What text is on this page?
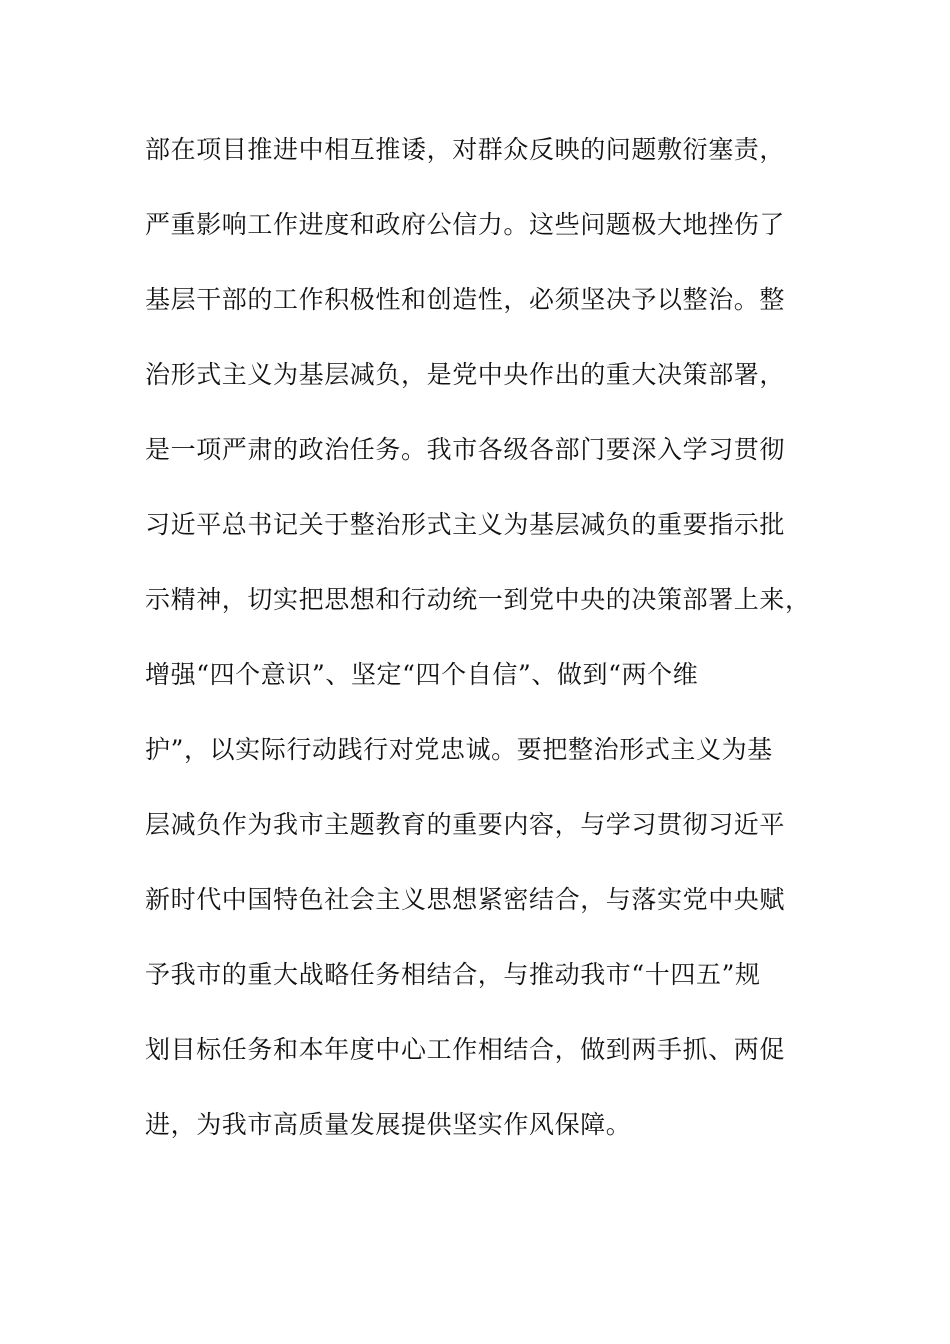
部在项目推进中相互推诿，对群众反映的问题敷衍塞责，
严重影响工作进度和政府公信力。这些问题极大地挫伤了
基层干部的工作积极性和创造性，必须坚决予以整治。整
治形式主义为基层减负，是党中央作出的重大决策部署，
是一项严肃的政治任务。我市各级各部门要深入学习贯彻
习近平总书记关于整治形式主义为基层减负的重要指示批
示精神，切实把思想和行动统一到党中央的决策部署上来，
增强“四个意识”、坚定“四个自信”、做到“两个维
护”，以实际行动践行对党忠诚。要把整治形式主义为基
层减负作为我市主题教育的重要内容，与学习贯彻习近平
新时代中国特色社会主义思想紧密结合，与落实党中央赋
予我市的重大战略任务相结合，与推动我市“十四五”规
划目标任务和本年度中心工作相结合，做到两手抓、两促
进，为我市高质量发展提供坚实作风保障。
